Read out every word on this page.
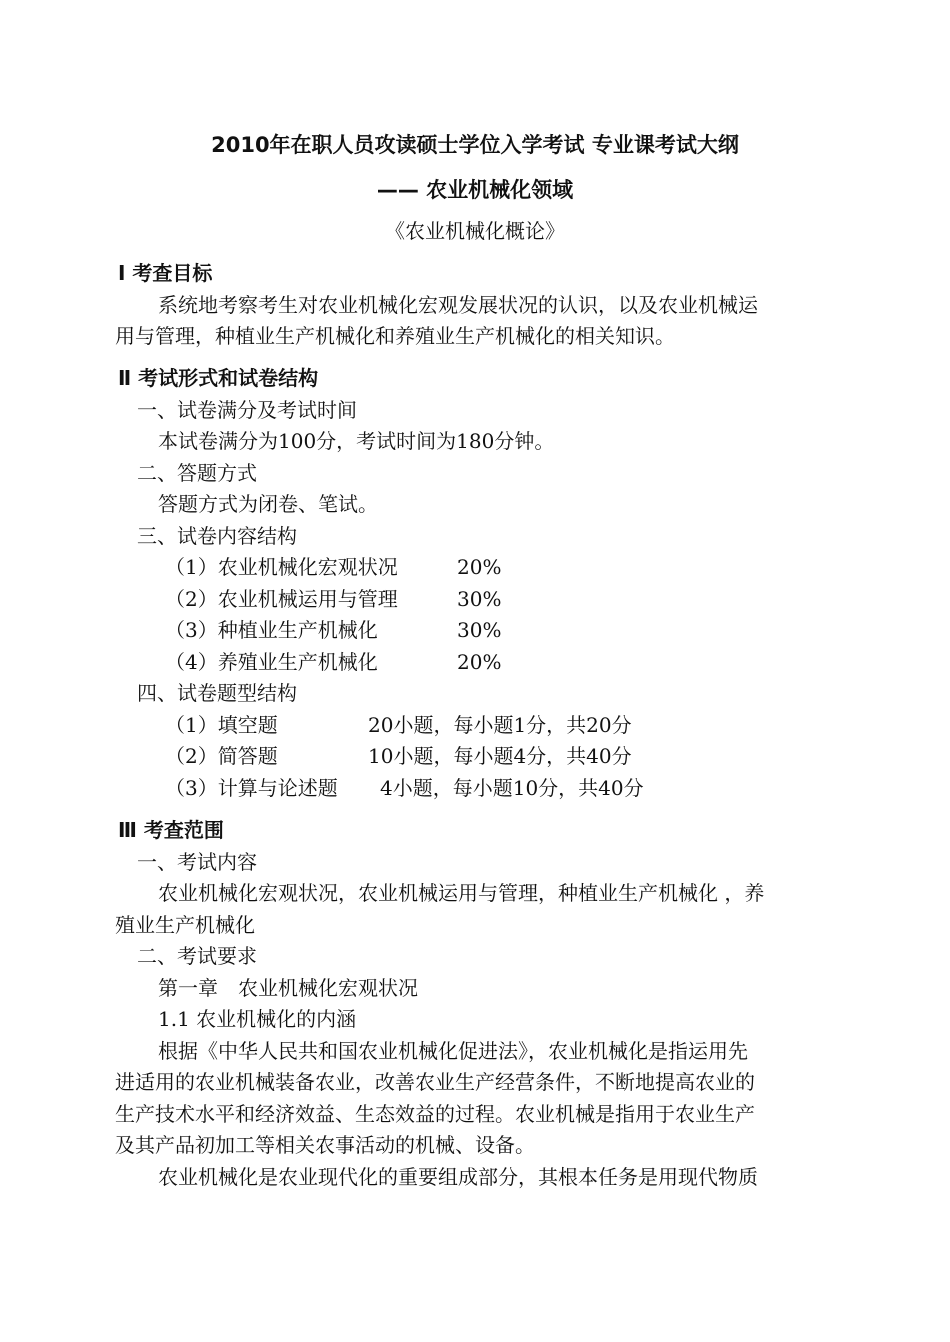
2010年在职人员攻读硕士学位入学考试 专业课考试大纲
—— 农业机械化领域
《农业机械化概论》
Ⅰ 考查目标
系统地考察考生对农业机械化宏观发展状况的认识，以及农业机械运
用与管理，种植业生产机械化和养殖业生产机械化的相关知识。
Ⅱ 考试形式和试卷结构
一、试卷满分及考试时间
本试卷满分为100分，考试时间为180分钟。
二、答题方式
答题方式为闭卷、笔试。
三、试卷内容结构
（1）农业机械化宏观状况	20%
（2）农业机械运用与管理	30%
（3）种植业生产机械化	30%
（4）养殖业生产机械化	20%
四、试卷题型结构
（1）填空题	20小题，每小题1分，共20分
（2）简答题	10小题，每小题4分，共40分
（3）计算与论述题 4小题，每小题10分，共40分
Ⅲ 考查范围
一、考试内容
农业机械化宏观状况，农业机械运用与管理，种植业生产机械化 ，养
殖业生产机械化
二、考试要求
第一章　农业机械化宏观状况
1.1 农业机械化的内涵
根据《中华人民共和国农业机械化促进法》，农业机械化是指运用先
进适用的农业机械装备农业，改善农业生产经营条件，不断地提高农业的
生产技术水平和经济效益、生态效益的过程。农业机械是指用于农业生产
及其产品初加工等相关农事活动的机械、设备。
农业机械化是农业现代化的重要组成部分，其根本任务是用现代物质
